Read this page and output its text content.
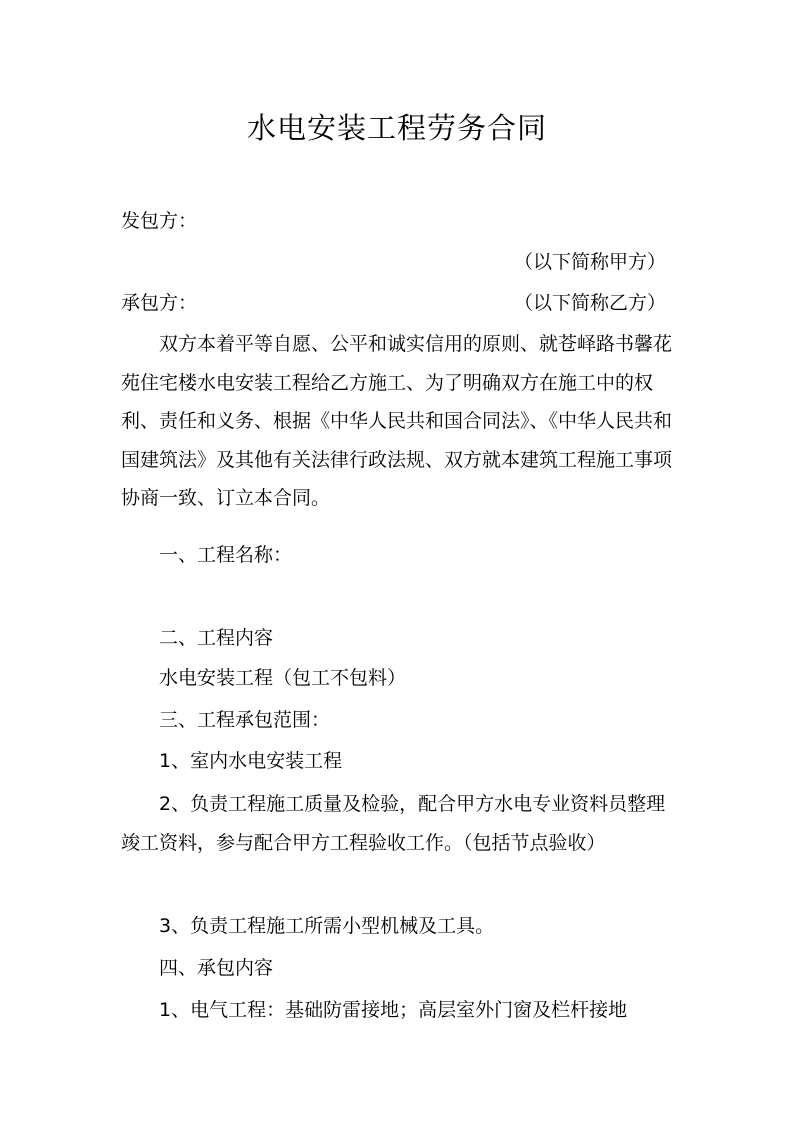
水电安装工程劳务合同
发包方：
（以下简称甲方）
承包方：	（以下简称乙方）
双方本着平等自愿、公平和诚实信用的原则、就苍峄路书馨花苑住宅楼水电安装工程给乙方施工、为了明确双方在施工中的权利、责任和义务、根据《中华人民共和国合同法》、《中华人民共和国建筑法》及其他有关法律行政法规、双方就本建筑工程施工事项协商一致、订立本合同。
一、工程名称：
二、工程内容
水电安装工程（包工不包料）
三、工程承包范围：
1、室内水电安装工程
2、负责工程施工质量及检验，配合甲方水电专业资料员整理竣工资料，参与配合甲方工程验收工作。（包括节点验收）
3、负责工程施工所需小型机械及工具。
四、承包内容
1、电气工程：基础防雷接地；高层室外门窗及栏杆接地
